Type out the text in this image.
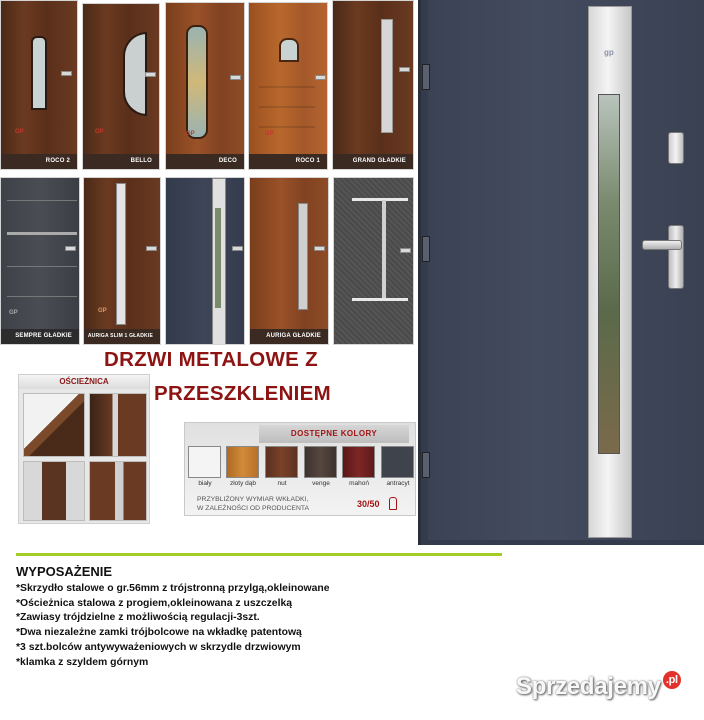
GP
ROCO 2
GP
BELLO
GP
DECO
GP
ROCO 1	GRAND GŁADKIE
GP
SEMPRE GŁADKIE
GP
AURIGA SLIM 1 GŁADKIE	AURIGA GŁADKIE
gp
DRZWI METALOWE Z
PRZESZKLENIEM
OŚCIEŻNICA
DOSTĘPNE KOLORY
biały	złoty dąb	nut	venge	mahoń	antracyt
PRZYBLIŻONY WYMIAR WKŁADKI,
W ZALEŻNOŚCI OD PRODUCENTA	30/50
WYPOSAŻENIE
*Skrzydło stalowe o gr.56mm z trójstronną przylgą,okleinowane
*Ościeżnica stalowa z progiem,okleinowana z uszczelką
*Zawiasy trójdzielne z możliwością regulacji-3szt.
*Dwa niezależne zamki trójbolcowe na wkładkę patentową
*3 szt.bolców antywyważeniowych w skrzydle drzwiowym
*klamka z szyldem górnym
Sprzedajemy .pl
